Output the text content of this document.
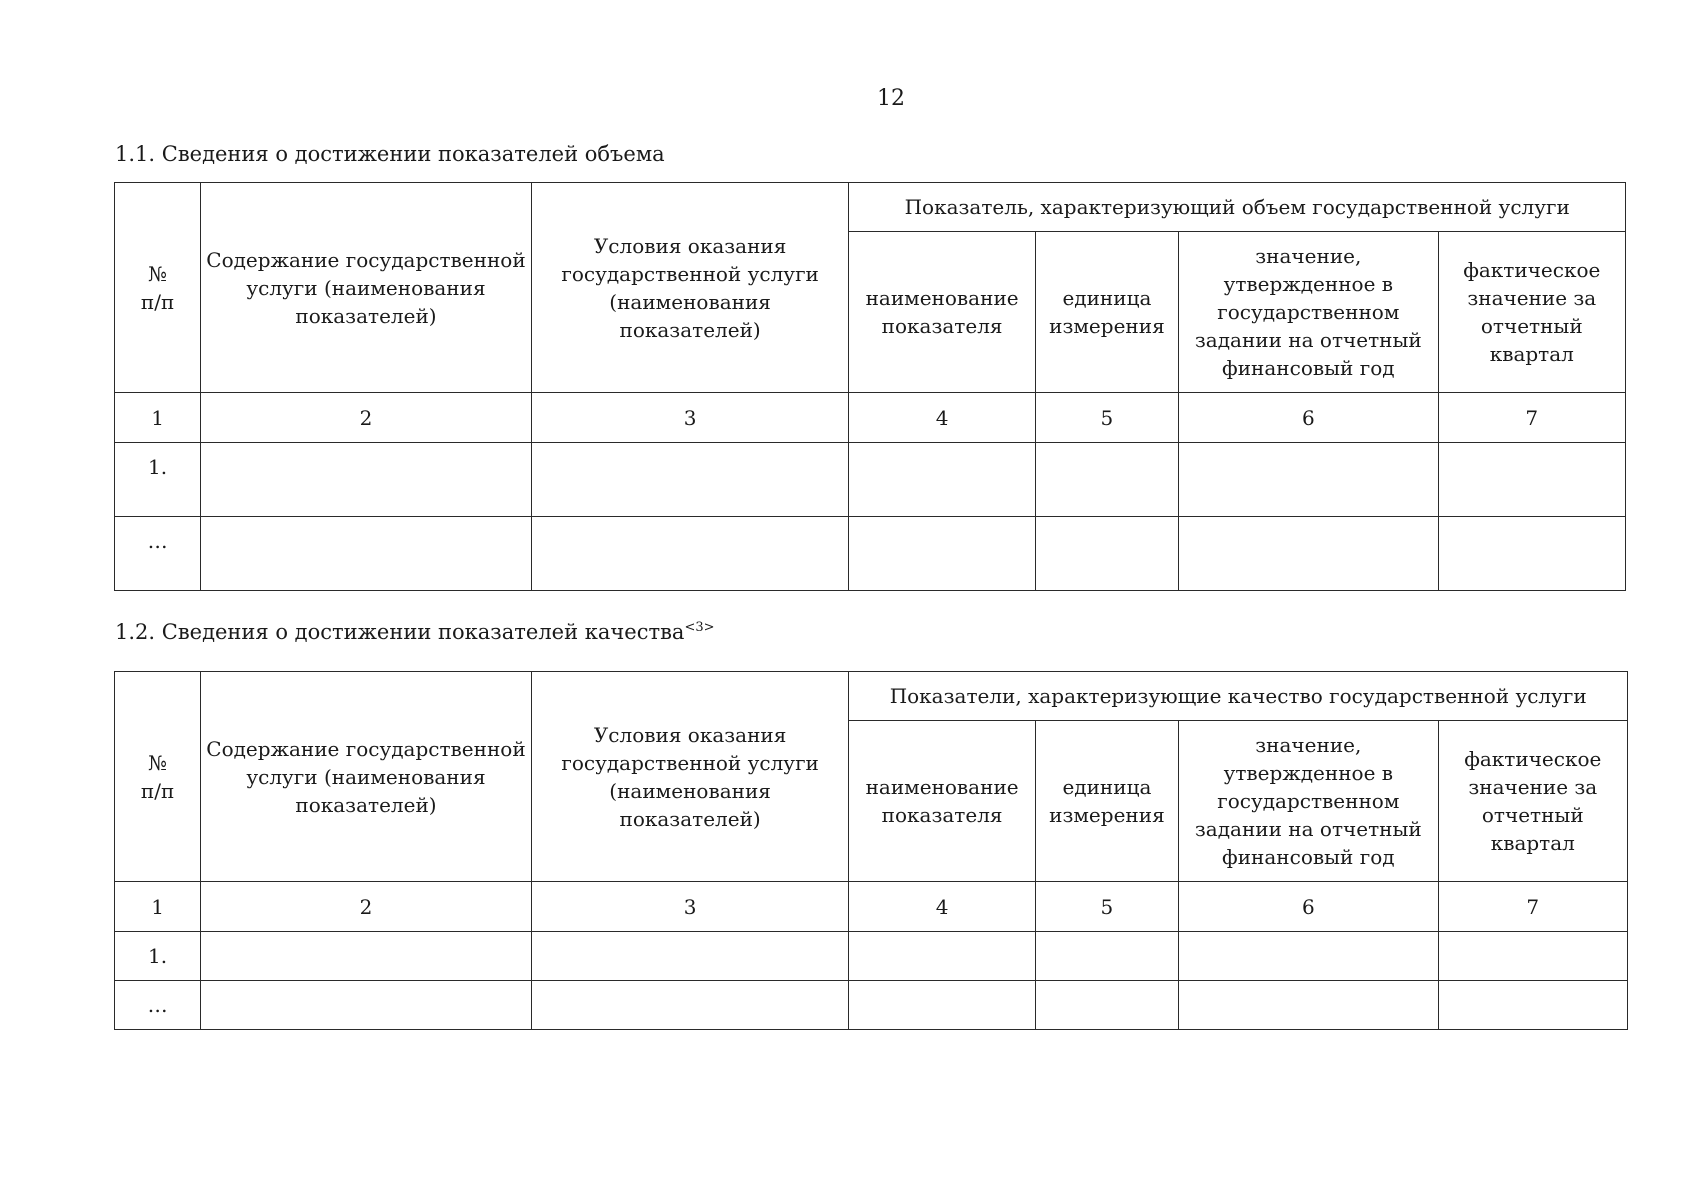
12
1.1. Сведения о достижении показателей объема
№ п/п	Содержание государственной услуги (наименования показателей)	Условия оказания государственной услуги (наименования показателей)	Показатель, характеризующий объем государственной услуги			
			наименование показателя	единица измерения	значение, утвержденное в государственном задании на отчетный финансовый год	фактическое значение за отчетный квартал
1	2	3	4	5	6	7
1.						
…						
1.2. Сведения о достижении показателей качества$^{<3>}$
№ п/п	Содержание государственной услуги (наименования показателей)	Условия оказания государственной услуги (наименования показателей)	Показатели, характеризующие качество государственной услуги			
			наименование показателя	единица измерения	значение, утвержденное в государственном задании на отчетный финансовый год	фактическое значение за отчетный квартал
1	2	3	4	5	6	7
1.						
…						
